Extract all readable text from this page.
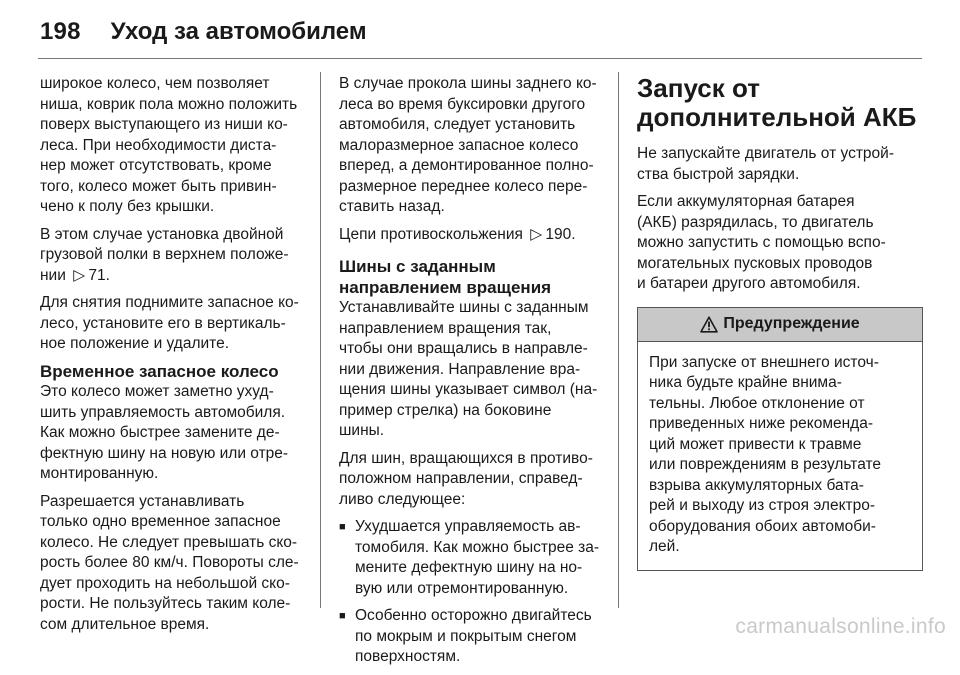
198 Уход за автомобилем
широкое колесо, чем позволяет
ниша, коврик пола можно положить
поверх выступающего из ниши ко-
леса. При необходимости диста-
нер может отсутствовать, кроме
того, колесо может быть привин-
чено к полу без крышки.
В этом случае установка двойной
грузовой полки в верхнем положе-
нии  ▷ 71.
Для снятия поднимите запасное ко-
лесо, установите его в вертикаль-
ное положение и удалите.
Временное запасное колесо
Это колесо может заметно ухуд-
шить управляемость автомобиля.
Как можно быстрее замените де-
фектную шину на новую или отре-
монтированную.
Разрешается устанавливать
только одно временное запасное
колесо. Не следует превышать ско-
рость более 80 км/ч. Повороты сле-
дует проходить на небольшой ско-
рости. Не пользуйтесь таким коле-
сом длительное время.
В случае прокола шины заднего ко-
леса во время буксировки другого
автомобиля, следует установить
малоразмерное запасное колесо
вперед, а демонтированное полно-
размерное переднее колесо пере-
ставить назад.
Цепи противоскольжения  ▷ 190.
Шины с заданным
направлением вращения
Устанавливайте шины с заданным
направлением вращения так,
чтобы они вращались в направле-
нии движения. Направление вра-
щения шины указывает символ (на-
пример стрелка) на боковине
шины.
Для шин, вращающихся в противо-
положном направлении, справед-
ливо следующее:
■ Ухудшается управляемость ав-
томобиля. Как можно быстрее за-
мените дефектную шину на но-
вую или отремонтированную.
■ Особенно осторожно двигайтесь
по мокрым и покрытым снегом
поверхностям.
Запуск от
дополнительной АКБ
Не запускайте двигатель от устрой-
ства быстрой зарядки.
Если аккумуляторная батарея
(АКБ) разрядилась, то двигатель
можно запустить с помощью вспо-
могательных пусковых проводов
и батареи другого автомобиля.
Предупреждение
При запуске от внешнего источ-
ника будьте крайне внима-
тельны. Любое отклонение от
приведенных ниже рекоменда-
ций может привести к травме
или повреждениям в результате
взрыва аккумуляторных бата-
рей и выходу из строя электро-
оборудования обоих автомоби-
лей.
carmanualsonline.info
